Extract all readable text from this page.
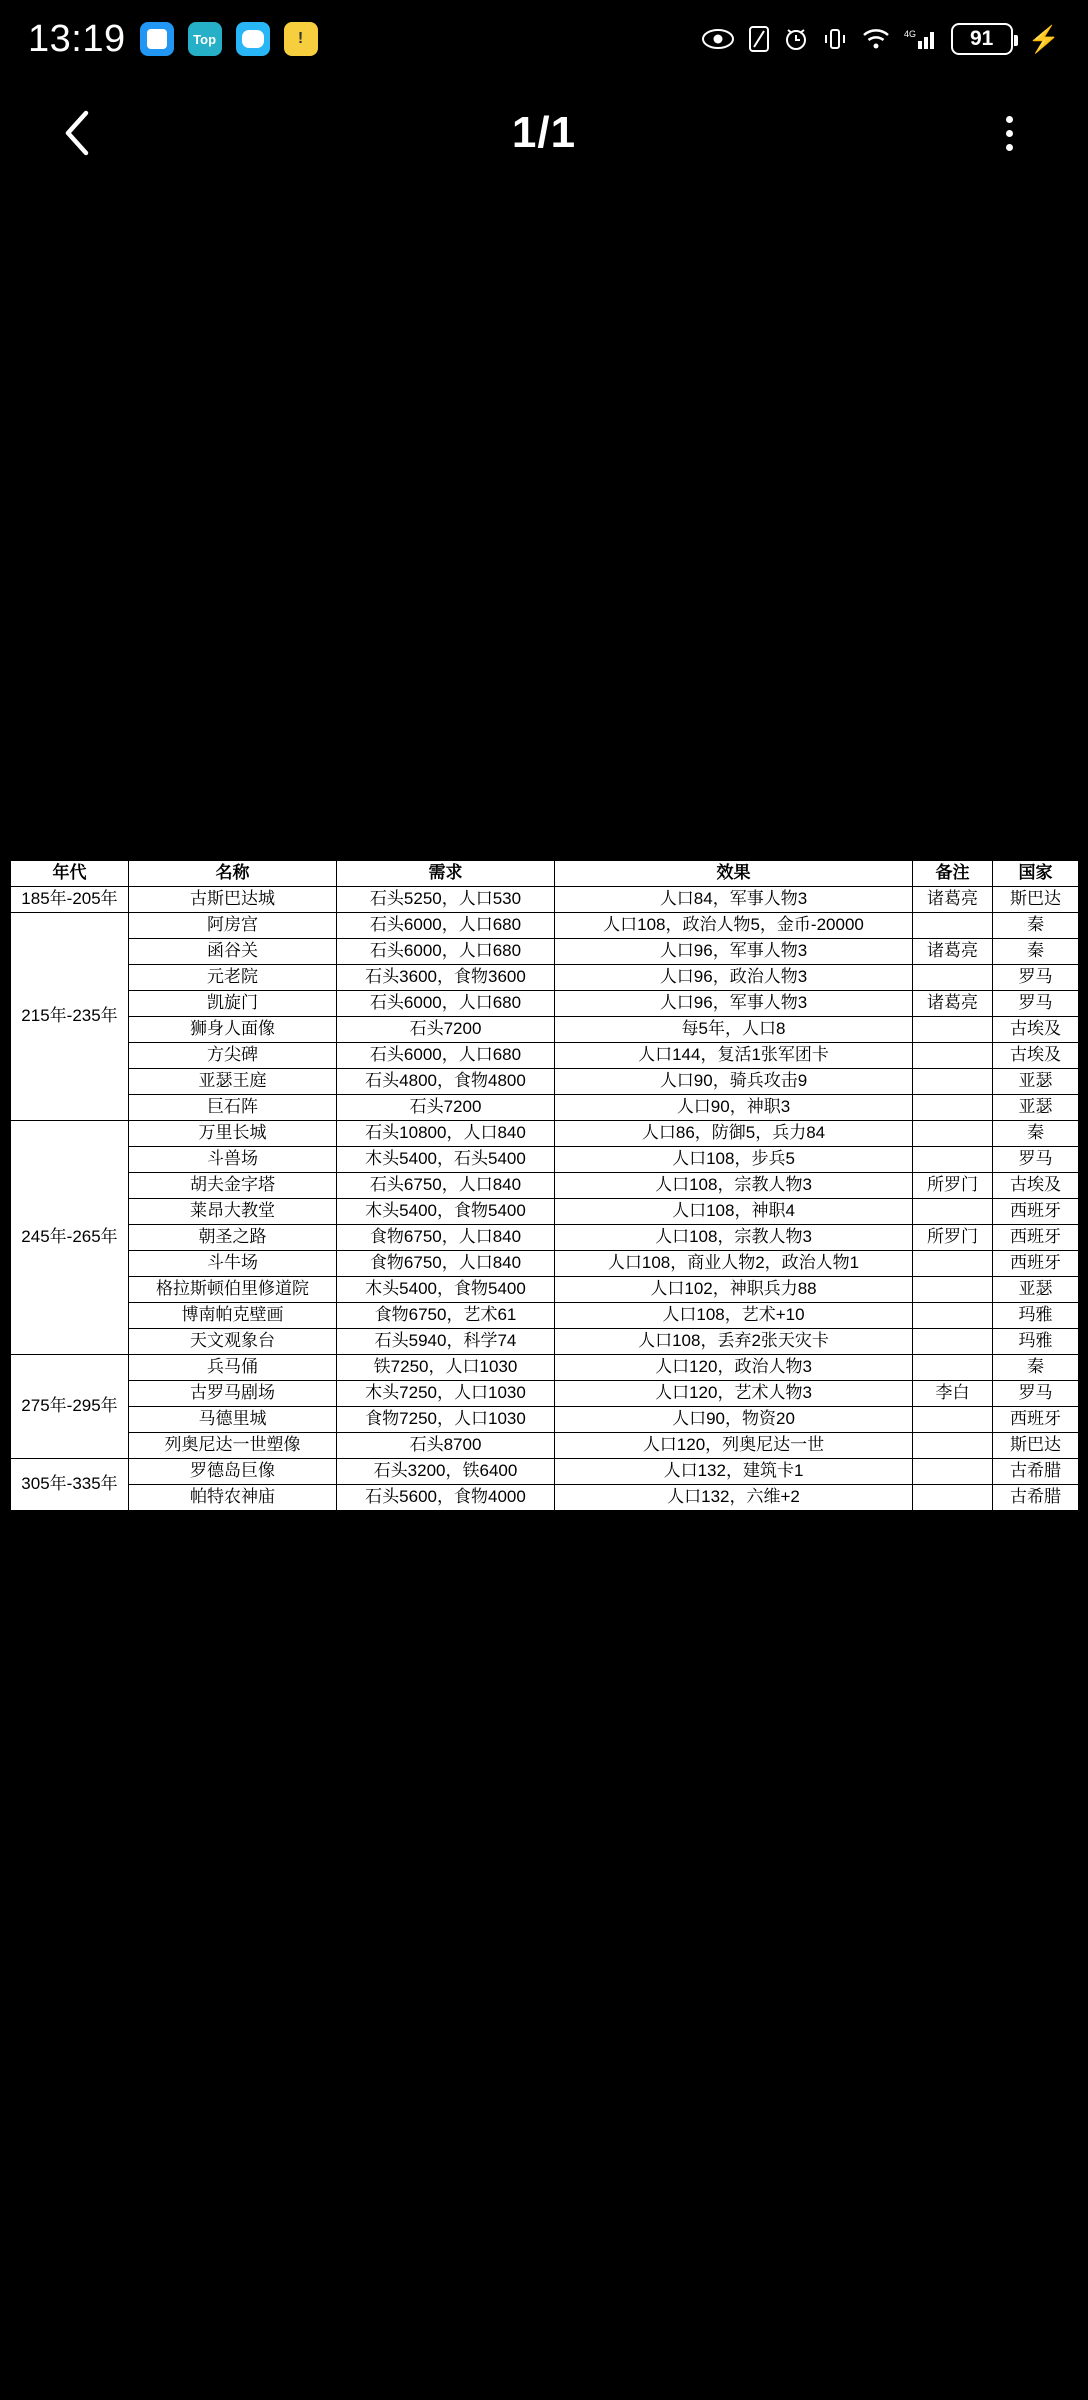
13:19	Top	!	4G	91 ⚡
1/1
年代	名称	需求	效果	备注	国家
185年-205年	古斯巴达城	石头5250，人口530	人口84，军事人物3	诸葛亮	斯巴达
215年-235年	阿房宫	石头6000，人口680	人口108，政治人物5，金币-20000		秦
	函谷关	石头6000，人口680	人口96，军事人物3	诸葛亮	秦
	元老院	石头3600，食物3600	人口96，政治人物3		罗马
	凯旋门	石头6000，人口680	人口96，军事人物3	诸葛亮	罗马
	狮身人面像	石头7200	每5年，人口8		古埃及
	方尖碑	石头6000，人口680	人口144，复活1张军团卡		古埃及
	亚瑟王庭	石头4800，食物4800	人口90，骑兵攻击9		亚瑟
	巨石阵	石头7200	人口90，神职3		亚瑟
245年-265年	万里长城	石头10800，人口840	人口86，防御5，兵力84		秦
	斗兽场	木头5400，石头5400	人口108，步兵5		罗马
	胡夫金字塔	石头6750，人口840	人口108，宗教人物3	所罗门	古埃及
	莱昂大教堂	木头5400，食物5400	人口108，神职4		西班牙
	朝圣之路	食物6750，人口840	人口108，宗教人物3	所罗门	西班牙
	斗牛场	食物6750，人口840	人口108，商业人物2，政治人物1		西班牙
	格拉斯顿伯里修道院	木头5400，食物5400	人口102，神职兵力88		亚瑟
	博南帕克壁画	食物6750，艺术61	人口108，艺术+10		玛雅
	天文观象台	石头5940，科学74	人口108，丢弃2张天灾卡		玛雅
275年-295年	兵马俑	铁7250，人口1030	人口120，政治人物3		秦
	古罗马剧场	木头7250，人口1030	人口120，艺术人物3	李白	罗马
	马德里城	食物7250，人口1030	人口90，物资20		西班牙
	列奥尼达一世塑像	石头8700	人口120，列奥尼达一世		斯巴达
305年-335年	罗德岛巨像	石头3200，铁6400	人口132，建筑卡1		古希腊
	帕特农神庙	石头5600，食物4000	人口132，六维+2		古希腊
